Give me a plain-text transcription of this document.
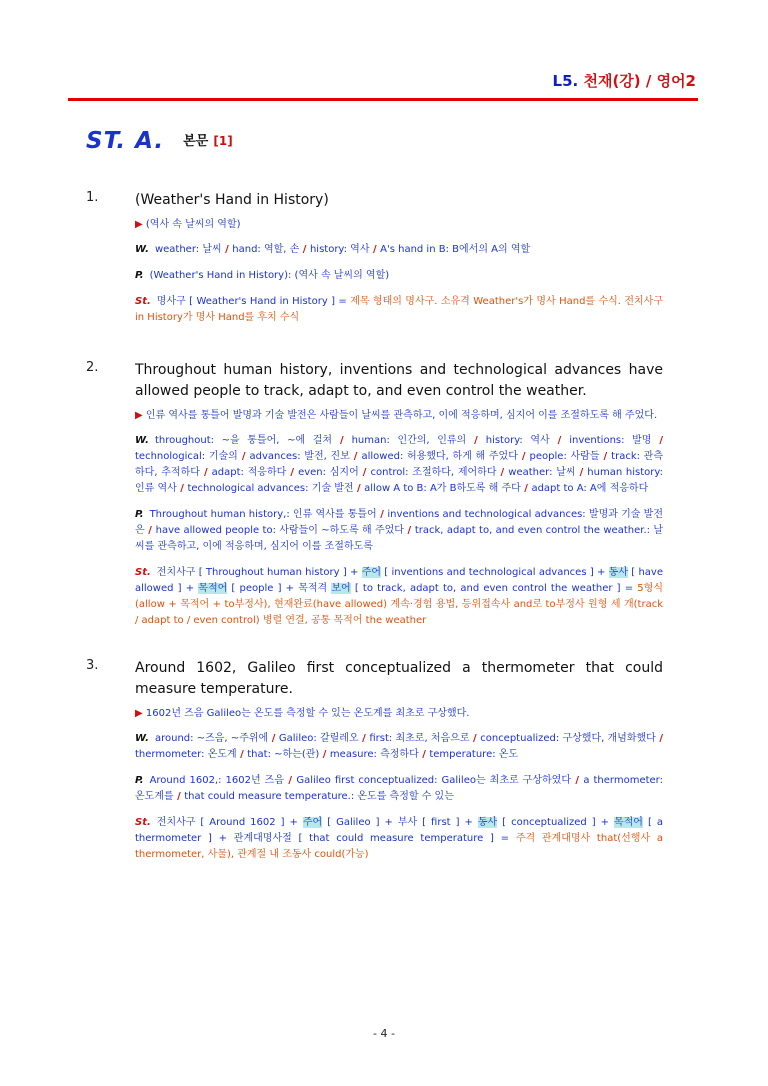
L5. 천재(강) / 영어2
ST. A. 본문 [1]
1.	(Weather's Hand in History)
▶ (역사 속 날씨의 역할)
W. weather: 날씨 / hand: 역할, 손 / history: 역사 / A's hand in B: B에서의 A의 역할
P. (Weather's Hand in History): (역사 속 날씨의 역할)
St. 명사구 [ Weather's Hand in History ] = 제목 형태의 명사구. 소유격 Weather's가 명사 Hand를 수식. 전치사구 in History가 명사 Hand를 후치 수식
2.	Throughout human history, inventions and technological advances have allowed people to track, adapt to, and even control the weather.
▶ 인류 역사를 통틀어 발명과 기술 발전은 사람들이 날씨를 관측하고, 이에 적응하며, 심지어 이를 조절하도록 해 주었다.
W. throughout: ~을 통틀어, ~에 걸쳐 / human: 인간의, 인류의 / history: 역사 / inventions: 발명 / technological: 기술의 / advances: 발전, 진보 / allowed: 허용했다, 하게 해 주었다 / people: 사람들 / track: 관측하다, 추적하다 / adapt: 적응하다 / even: 심지어 / control: 조절하다, 제어하다 / weather: 날씨 / human history: 인류 역사 / technological advances: 기술 발전 / allow A to B: A가 B하도록 해 주다 / adapt to A: A에 적응하다
P. Throughout human history,: 인류 역사를 통틀어 / inventions and technological advances: 발명과 기술 발전은 / have allowed people to: 사람들이 ~하도록 해 주었다 / track, adapt to, and even control the weather.: 날씨를 관측하고, 이에 적응하며, 심지어 이를 조절하도록
St. 전치사구 [ Throughout human history ] + 주어 [ inventions and technological advances ] + 동사 [ have allowed ] + 목적어 [ people ] + 목적격 보어 [ to track, adapt to, and even control the weather ] = 5형식(allow + 목적어 + to부정사), 현재완료(have allowed) 계속·경험 용법, 등위접속사 and로 to부정사 원형 세 개(track / adapt to / even control) 병렬 연결, 공통 목적어 the weather
3.	Around 1602, Galileo first conceptualized a thermometer that could measure temperature.
▶ 1602년 즈음 Galileo는 온도를 측정할 수 있는 온도계를 최초로 구상했다.
W. around: ~즈음, ~주위에 / Galileo: 갈릴레오 / first: 최초로, 처음으로 / conceptualized: 구상했다, 개념화했다 / thermometer: 온도계 / that: ~하는(관) / measure: 측정하다 / temperature: 온도
P. Around 1602,: 1602년 즈음 / Galileo first conceptualized: Galileo는 최초로 구상하였다 / a thermometer: 온도계를 / that could measure temperature.: 온도를 측정할 수 있는
St. 전치사구 [ Around 1602 ] + 주어 [ Galileo ] + 부사 [ first ] + 동사 [ conceptualized ] + 목적어 [ a thermometer ] + 관계대명사절 [ that could measure temperature ] = 주격 관계대명사 that(선행사 a thermometer, 사물), 관계절 내 조동사 could(가능)
- 4 -
